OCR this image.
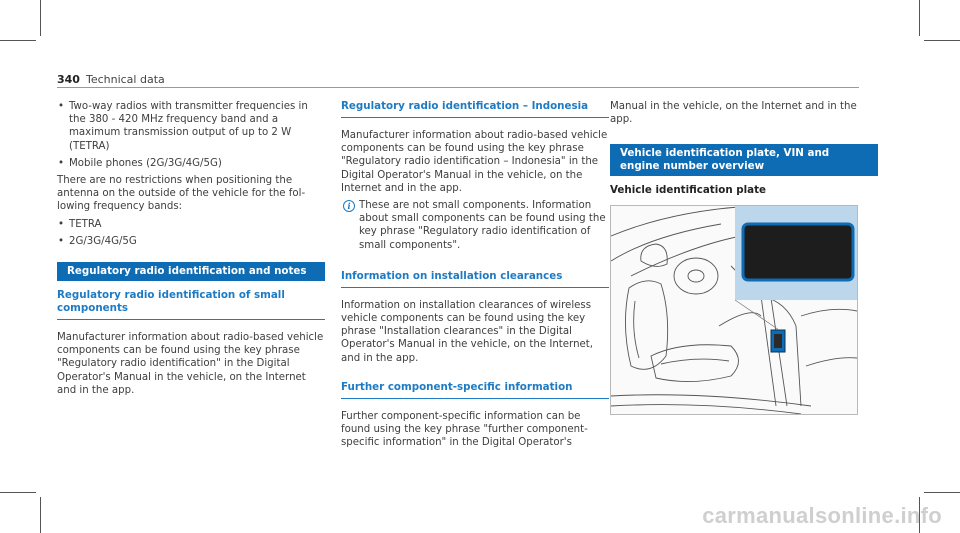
340 Technical data
• Two-way radios with transmitter frequencies in the 380 - 420 MHz frequency band and a maximum transmission output of up to 2 W (TETRA)
• Mobile phones (2G/3G/4G/5G)

There are no restrictions when positioning the antenna on the outside of the vehicle for the following frequency bands:

• TETRA
• 2G/3G/4G/5G
Regulatory radio identification and notes
Regulatory radio identification of small components

Manufacturer information about radio-based vehicle components can be found using the key phrase "Regulatory radio identification" in the Digital Operator's Manual in the vehicle, on the Internet and in the app.

Regulatory radio identification – Indonesia

Manufacturer information about radio-based vehicle components can be found using the key phrase "Regulatory radio identification – Indonesia" in the Digital Operator's Manual in the vehicle, on the Internet and in the app.

i These are not small components. Information about small components can be found using the key phrase "Regulatory radio identification of small components".
Information on installation clearances

Information on installation clearances of wireless vehicle components can be found using the key phrase "Installation clearances" in the Digital Operator's Manual in the vehicle, on the Internet, and in the app.

Further component-specific information

Further component-specific information can be found using the key phrase "further component-specific information" in the Digital Operator's

Manual in the vehicle, on the Internet and in the app.

Vehicle identification plate, VIN and engine number overview
Vehicle identification plate
carmanualsonline.info
